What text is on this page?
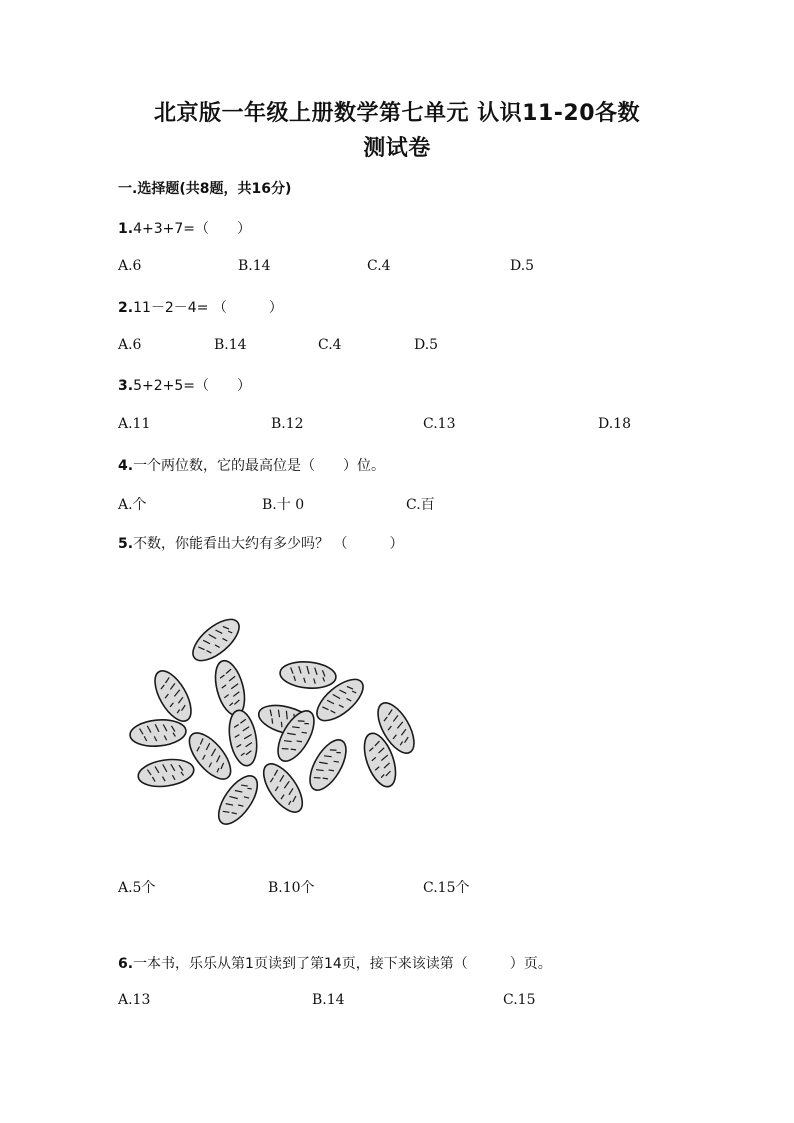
北京版一年级上册数学第七单元 认识11-20各数
测试卷
一.选择题(共8题，共16分)
1.4+3+7=（　　）
A.6	B.14	C.4	D.5
2.11－2－4= （　　　）
A.6	B.14	C.4	D.5
3.5+2+5=（　　）
A.11	B.12	C.13	D.18
4.一个两位数，它的最高位是（　　）位。
A.个	B.十 0	C.百
5.不数，你能看出大约有多少吗？ （　　　）
A.5个	B.10个	C.15个
6.一本书，乐乐从第1页读到了第14页，接下来该读第（　　　）页。
A.13	B.14	C.15
